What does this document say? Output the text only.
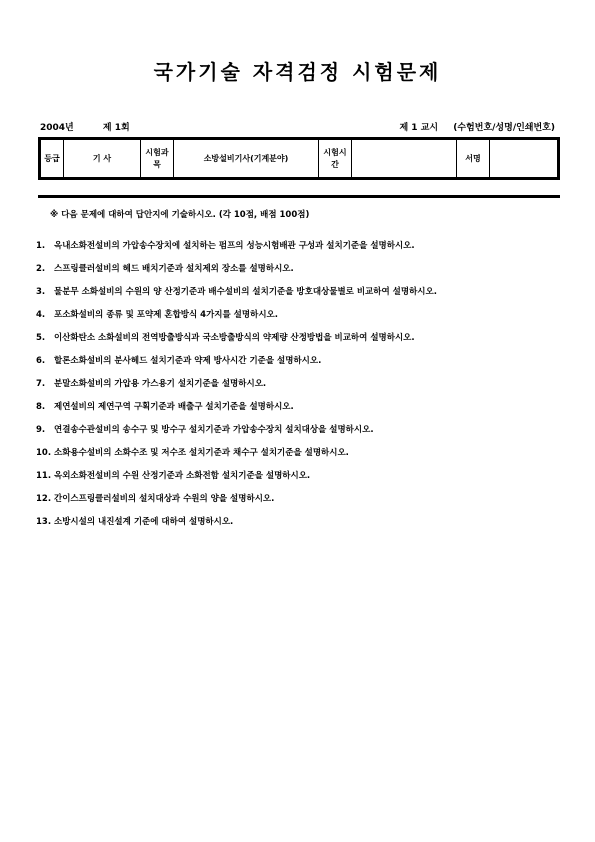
국가기술 자격검정 시험문제
2004년	제 1회	제 1 교시 (수험번호/성명/인쇄번호)
등급	기 사	시험과목	소방설비기사(기계분야)	시험시간		서명	
※ 다음 문제에 대하여 답안지에 기술하시오. (각 10점, 배점 100점)
1.	옥내소화전설비의 가압송수장치에 설치하는 펌프의 성능시험배관 구성과 설치기준을 설명하시오.
2.	스프링클러설비의 헤드 배치기준과 설치제외 장소를 설명하시오.
3.	물분무 소화설비의 수원의 양 산정기준과 배수설비의 설치기준을 방호대상물별로 비교하여 설명하시오.
4.	포소화설비의 종류 및 포약제 혼합방식 4가지를 설명하시오.
5.	이산화탄소 소화설비의 전역방출방식과 국소방출방식의 약제량 산정방법을 비교하여 설명하시오.
6.	할론소화설비의 분사헤드 설치기준과 약제 방사시간 기준을 설명하시오.
7.	분말소화설비의 가압용 가스용기 설치기준을 설명하시오.
8.	제연설비의 제연구역 구획기준과 배출구 설치기준을 설명하시오.
9.	연결송수관설비의 송수구 및 방수구 설치기준과 가압송수장치 설치대상을 설명하시오.
10. 소화용수설비의 소화수조 및 저수조 설치기준과 채수구 설치기준을 설명하시오.
11. 옥외소화전설비의 수원 산정기준과 소화전함 설치기준을 설명하시오.
12. 간이스프링클러설비의 설치대상과 수원의 양을 설명하시오.
13. 소방시설의 내진설계 기준에 대하여 설명하시오.
